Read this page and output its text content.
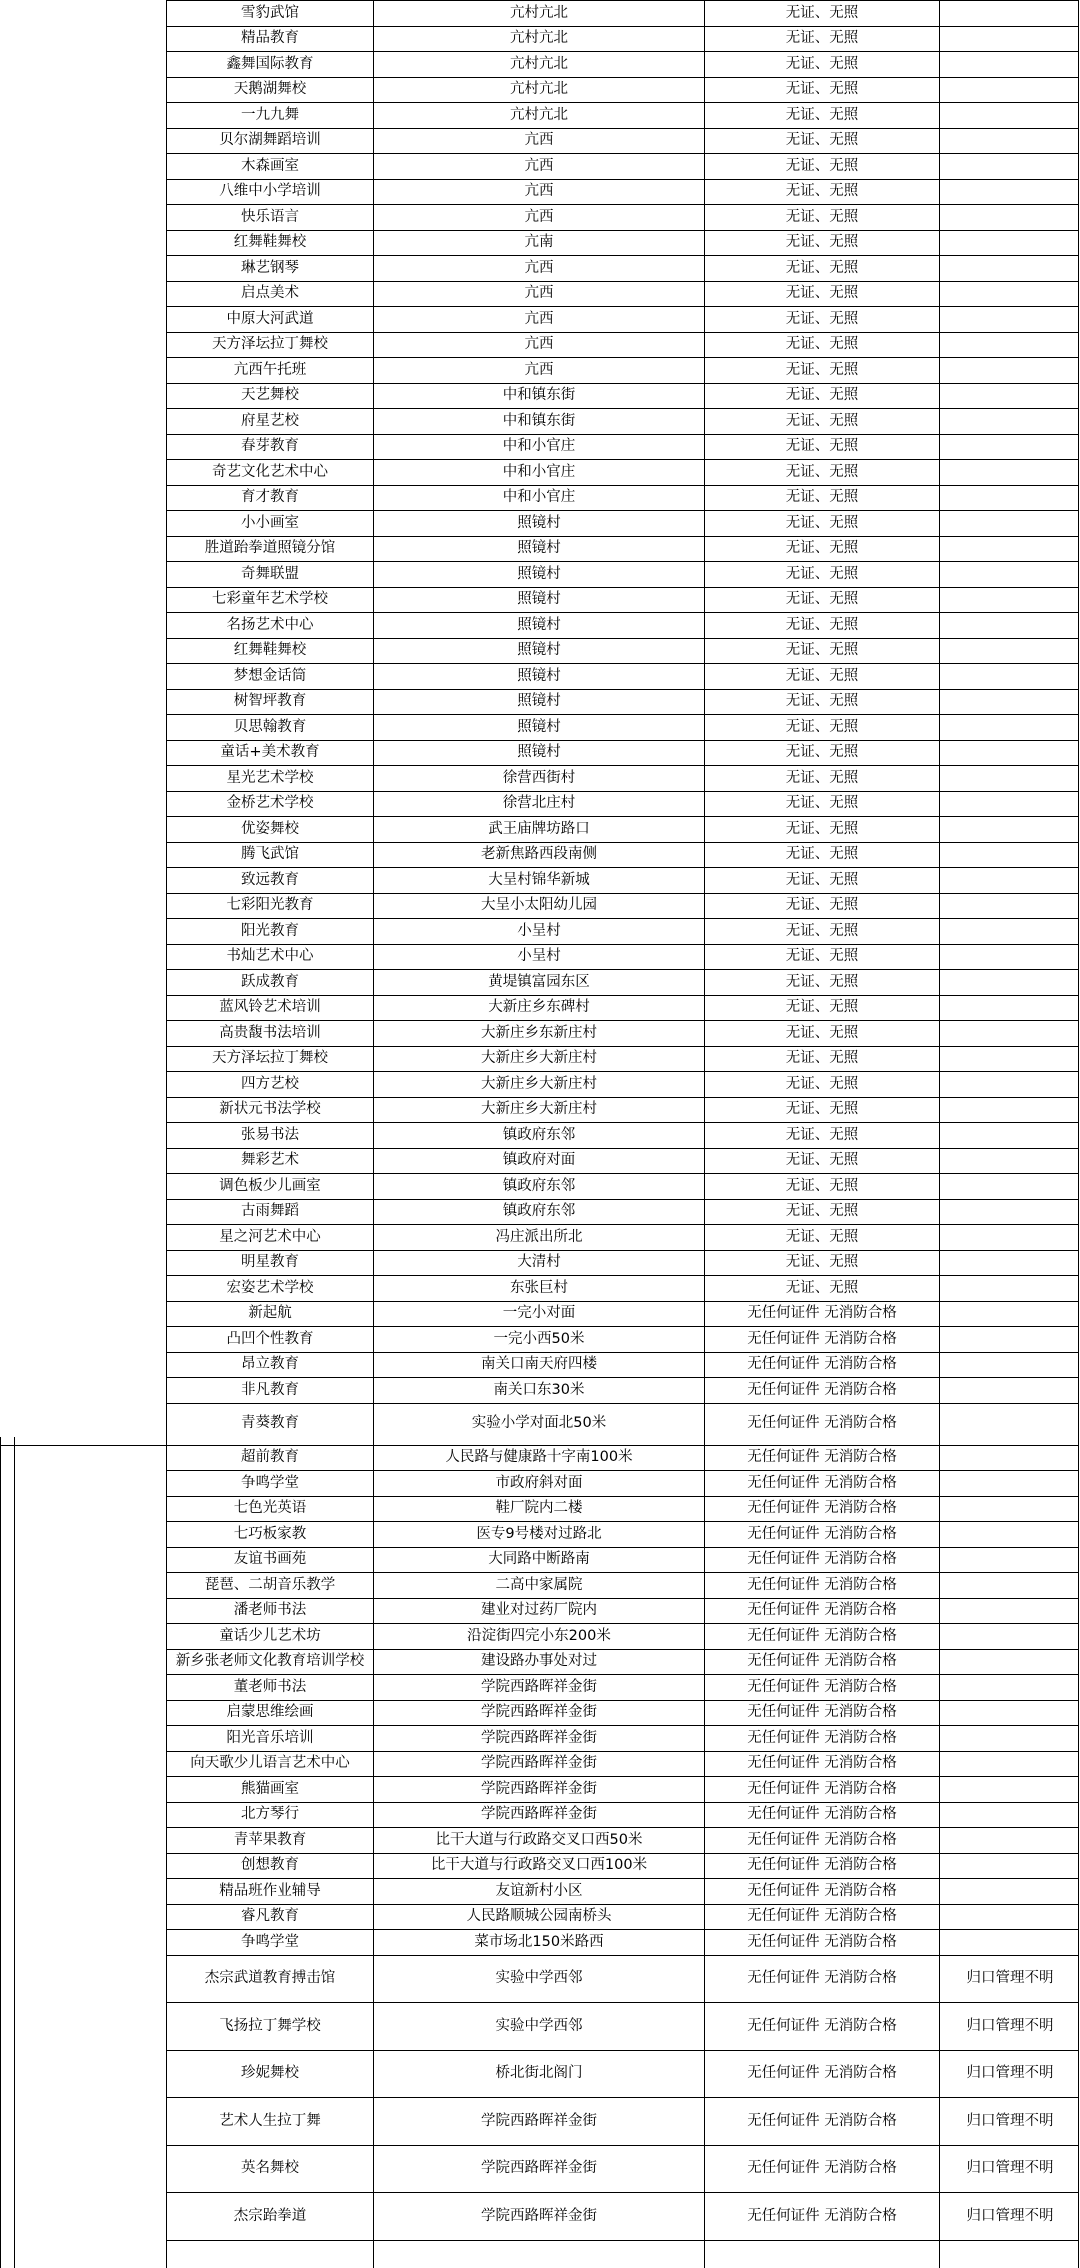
雪豹武馆	亢村亢北	无证、无照
精品教育	亢村亢北	无证、无照
鑫舞国际教育	亢村亢北	无证、无照
天鹅湖舞校	亢村亢北	无证、无照
一九九舞	亢村亢北	无证、无照
贝尔湖舞蹈培训	亢西	无证、无照
木森画室	亢西	无证、无照
八维中小学培训	亢西	无证、无照
快乐语言	亢西	无证、无照
红舞鞋舞校	亢南	无证、无照
琳艺钢琴	亢西	无证、无照
启点美术	亢西	无证、无照
中原大河武道	亢西	无证、无照
天方泽坛拉丁舞校	亢西	无证、无照
亢西午托班	亢西	无证、无照
天艺舞校	中和镇东街	无证、无照
府星艺校	中和镇东街	无证、无照
春芽教育	中和小官庄	无证、无照
奇艺文化艺术中心	中和小官庄	无证、无照
育才教育	中和小官庄	无证、无照
小小画室	照镜村	无证、无照
胜道跆拳道照镜分馆	照镜村	无证、无照
奇舞联盟	照镜村	无证、无照
七彩童年艺术学校	照镜村	无证、无照
名扬艺术中心	照镜村	无证、无照
红舞鞋舞校	照镜村	无证、无照
梦想金话筒	照镜村	无证、无照
树智坪教育	照镜村	无证、无照
贝思翰教育	照镜村	无证、无照
童话+美术教育	照镜村	无证、无照
星光艺术学校	徐营西街村	无证、无照
金桥艺术学校	徐营北庄村	无证、无照
优姿舞校	武王庙牌坊路口	无证、无照
腾飞武馆	老新焦路西段南侧	无证、无照
致远教育	大呈村锦华新城	无证、无照
七彩阳光教育	大呈小太阳幼儿园	无证、无照
阳光教育	小呈村	无证、无照
书灿艺术中心	小呈村	无证、无照
跃成教育	黄堤镇富园东区	无证、无照
蓝风铃艺术培训	大新庄乡东碑村	无证、无照
高贵馥书法培训	大新庄乡东新庄村	无证、无照
天方泽坛拉丁舞校	大新庄乡大新庄村	无证、无照
四方艺校	大新庄乡大新庄村	无证、无照
新状元书法学校	大新庄乡大新庄村	无证、无照
张易书法	镇政府东邻	无证、无照
舞彩艺术	镇政府对面	无证、无照
调色板少儿画室	镇政府东邻	无证、无照
古雨舞蹈	镇政府东邻	无证、无照
星之河艺术中心	冯庄派出所北	无证、无照
明星教育	大清村	无证、无照
宏姿艺术学校	东张巨村	无证、无照
新起航	一完小对面	无任何证件 无消防合格
凸凹个性教育	一完小西50米	无任何证件 无消防合格
昂立教育	南关口南天府四楼	无任何证件 无消防合格
非凡教育	南关口东30米	无任何证件 无消防合格
青葵教育	实验小学对面北50米	无任何证件 无消防合格
超前教育	人民路与健康路十字南100米	无任何证件 无消防合格
争鸣学堂	市政府斜对面	无任何证件 无消防合格
七色光英语	鞋厂院内二楼	无任何证件 无消防合格
七巧板家教	医专9号楼对过路北	无任何证件 无消防合格
友谊书画苑	大同路中断路南	无任何证件 无消防合格
琵琶、二胡音乐教学	二高中家属院	无任何证件 无消防合格
潘老师书法	建业对过药厂院内	无任何证件 无消防合格
童话少儿艺术坊	沿淀街四完小东200米	无任何证件 无消防合格
新乡张老师文化教育培训学校	建设路办事处对过	无任何证件 无消防合格
董老师书法	学院西路晖祥金街	无任何证件 无消防合格
启蒙思维绘画	学院西路晖祥金街	无任何证件 无消防合格
阳光音乐培训	学院西路晖祥金街	无任何证件 无消防合格
向天歌少儿语言艺术中心	学院西路晖祥金街	无任何证件 无消防合格
熊猫画室	学院西路晖祥金街	无任何证件 无消防合格
北方琴行	学院西路晖祥金街	无任何证件 无消防合格
青苹果教育	比干大道与行政路交叉口西50米	无任何证件 无消防合格
创想教育	比干大道与行政路交叉口西100米	无任何证件 无消防合格
精品班作业辅导	友谊新村小区	无任何证件 无消防合格
睿凡教育	人民路顺城公园南桥头	无任何证件 无消防合格
争鸣学堂	菜市场北150米路西	无任何证件 无消防合格
杰宗武道教育搏击馆	实验中学西邻	无任何证件 无消防合格	归口管理不明
飞扬拉丁舞学校	实验中学西邻	无任何证件 无消防合格	归口管理不明
珍妮舞校	桥北街北阁门	无任何证件 无消防合格	归口管理不明
艺术人生拉丁舞	学院西路晖祥金街	无任何证件 无消防合格	归口管理不明
英名舞校	学院西路晖祥金街	无任何证件 无消防合格	归口管理不明
杰宗跆拳道	学院西路晖祥金街	无任何证件 无消防合格	归口管理不明
